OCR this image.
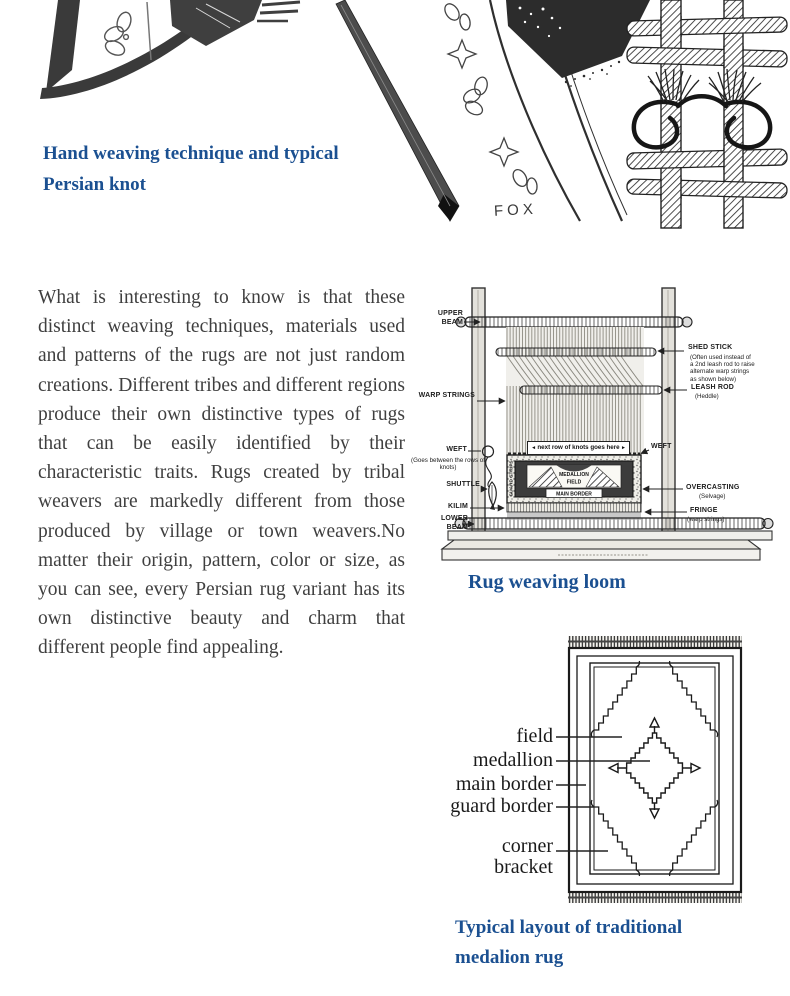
FOX
Hand weaving technique and typical Persian knot
What is interesting to know is that these distinct weaving techniques, materials used and patterns of the rugs are not just random creations. Different tribes and different regions produce their own distinctive types of rugs that can be easily identified by their characteristic traits. Rugs created by tribal weavers are markedly different from those produced by village or town weavers.No matter their origin, pattern, color or size, as you can see, every Persian rug variant has its own distinctive beauty and charm that different people find appealing.
MEDALLION
FIELD
MAIN BORDER
GUARD STRIPS
UPPER BEAM
WARP STRINGS
WEFT
(Goes between the rows of knots)
SHUTTLE
KILIM
LOWER BEAM
SHED STICK
(Often used instead of a 2nd leash rod to raise alternate warp strings as shown below)
LEASH ROD
(Heddle)
OVERCASTING
(Selvage)
FRINGE
(warp strings)
WEFT
◄ next row of knots goes here ►
Rug weaving loom
field
medallion
main border
guard border
corner bracket
Typical layout of traditional medalion rug
